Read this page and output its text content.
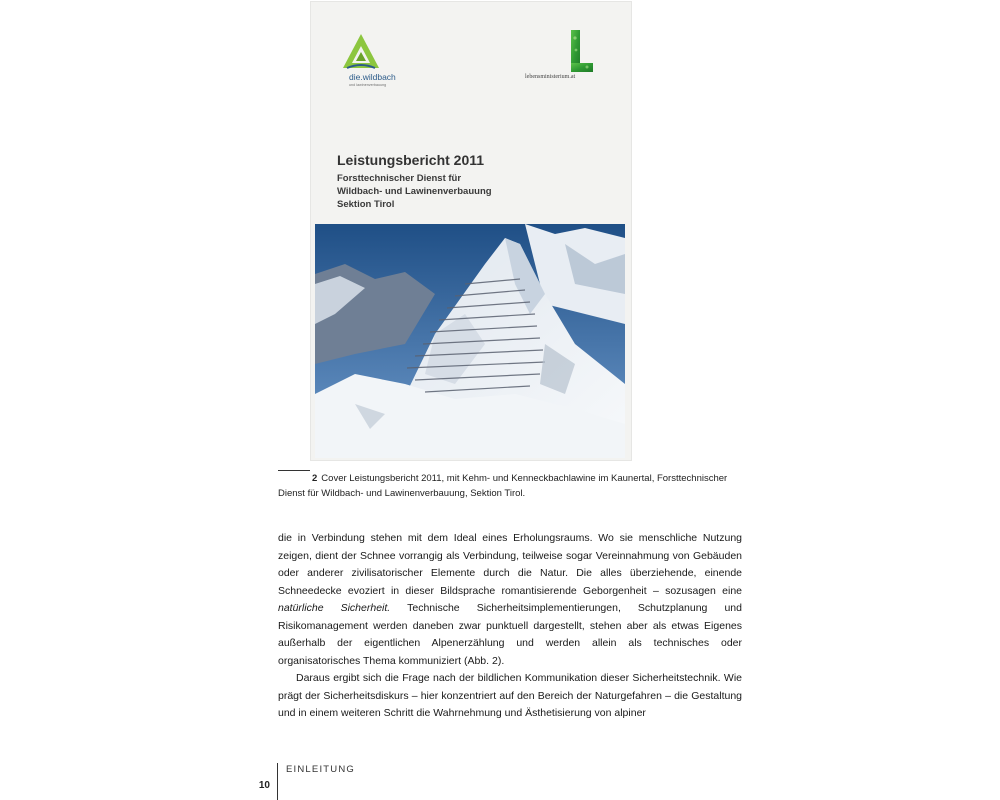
die.wildbach
und lawinenverbauung
lebensministerium.at
Leistungsbericht 2011
Forsttechnischer Dienst für
Wildbach- und Lawinenverbauung
Sektion Tirol
2 Cover Leistungsbericht 2011, mit Kehm- und Kenneckbachlawine im Kaunertal, Forsttechnischer Dienst für Wildbach- und Lawinenverbauung, Sektion Tirol.

die in Verbindung stehen mit dem Ideal eines Erholungsraums. Wo sie menschliche Nutzung zeigen, dient der Schnee vorrangig als Verbindung, teilweise sogar Vereinnahmung von Gebäuden oder anderer zivilisatorischer Elemente durch die Natur. Die alles überziehende, einende Schneedecke evoziert in dieser Bildsprache romantisierende Geborgenheit – sozusagen eine natürliche Sicherheit. Technische Sicherheitsimplementierungen, Schutzplanung und Risikomanagement werden daneben zwar punktuell dargestellt, stehen aber als etwas Eigenes außerhalb der eigentlichen Alpenerzählung und werden allein als technisches oder organisatorisches Thema kommuniziert (Abb. 2).

Daraus ergibt sich die Frage nach der bildlichen Kommunikation dieser Sicherheitstechnik. Wie prägt der Sicherheitsdiskurs – hier konzentriert auf den Bereich der Naturgefahren – die Gestaltung und in einem weiteren Schritt die Wahrnehmung und Ästhetisierung von alpiner

10
EINLEITUNG
